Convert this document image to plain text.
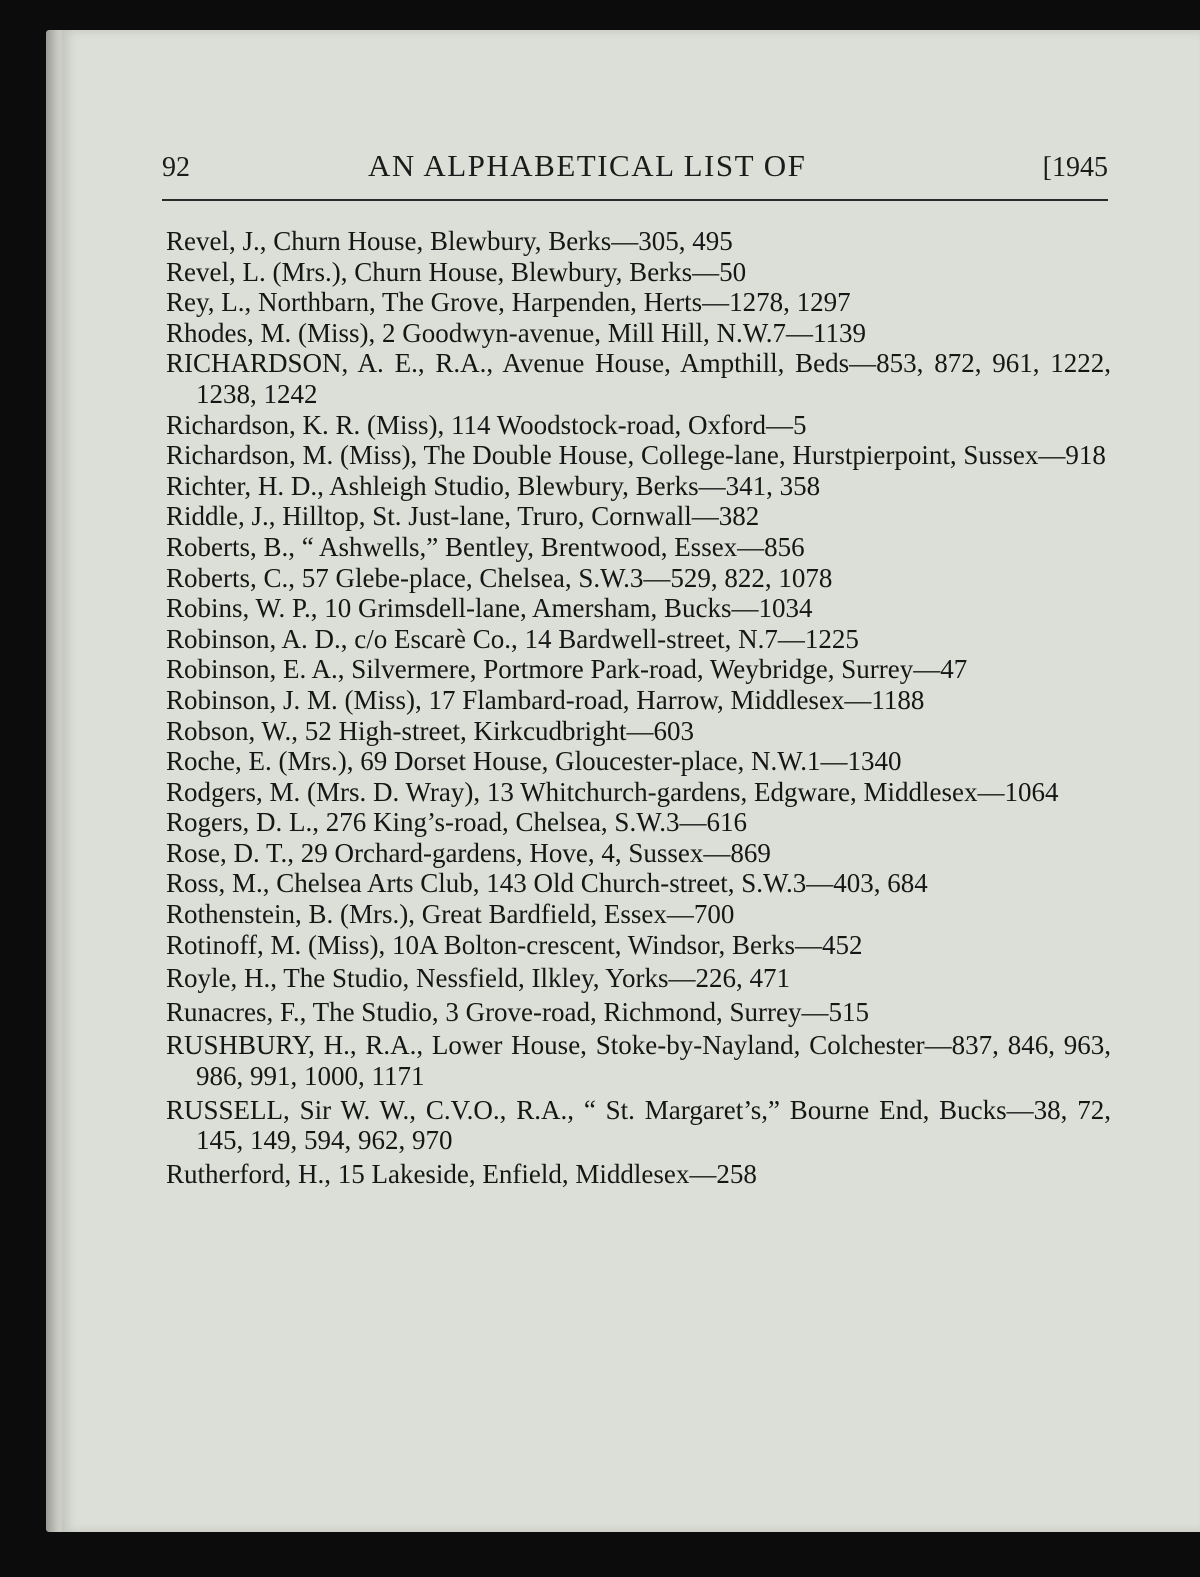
92	AN ALPHABETICAL LIST OF	[1945

Revel, J., Churn House, Blewbury, Berks—305, 495

Revel, L. (Mrs.), Churn House, Blewbury, Berks—50

Rey, L., Northbarn, The Grove, Harpenden, Herts—1278, 1297

Rhodes, M. (Miss), 2 Goodwyn-avenue, Mill Hill, N.W.7—1139

RICHARDSON, A. E., R.A., Avenue House, Ampthill, Beds—853, 872, 961, 1222, 1238, 1242

Richardson, K. R. (Miss), 114 Woodstock-road, Oxford—5

Richardson, M. (Miss), The Double House, College-lane, Hurstpierpoint, Sussex—918

Richter, H. D., Ashleigh Studio, Blewbury, Berks—341, 358

Riddle, J., Hilltop, St. Just-lane, Truro, Cornwall—382

Roberts, B., “ Ashwells,” Bentley, Brentwood, Essex—856

Roberts, C., 57 Glebe-place, Chelsea, S.W.3—529, 822, 1078

Robins, W. P., 10 Grimsdell-lane, Amersham, Bucks—1034

Robinson, A. D., c/o Escarè Co., 14 Bardwell-street, N.7—1225

Robinson, E. A., Silvermere, Portmore Park-road, Weybridge, Surrey—47

Robinson, J. M. (Miss), 17 Flambard-road, Harrow, Middlesex—1188

Robson, W., 52 High-street, Kirkcudbright—603

Roche, E. (Mrs.), 69 Dorset House, Gloucester-place, N.W.1—1340

Rodgers, M. (Mrs. D. Wray), 13 Whitchurch-gardens, Edgware, Middlesex—1064

Rogers, D. L., 276 King’s-road, Chelsea, S.W.3—616

Rose, D. T., 29 Orchard-gardens, Hove, 4, Sussex—869

Ross, M., Chelsea Arts Club, 143 Old Church-street, S.W.3—403, 684

Rothenstein, B. (Mrs.), Great Bardfield, Essex—700

Rotinoff, M. (Miss), 10A Bolton-crescent, Windsor, Berks—452

Royle, H., The Studio, Nessfield, Ilkley, Yorks—226, 471

Runacres, F., The Studio, 3 Grove-road, Richmond, Surrey—515

RUSHBURY, H., R.A., Lower House, Stoke-by-Nayland, Colchester—837, 846, 963, 986, 991, 1000, 1171

RUSSELL, Sir W. W., C.V.O., R.A., “ St. Margaret’s,” Bourne End, Bucks—38, 72, 145, 149, 594, 962, 970

Rutherford, H., 15 Lakeside, Enfield, Middlesex—258
